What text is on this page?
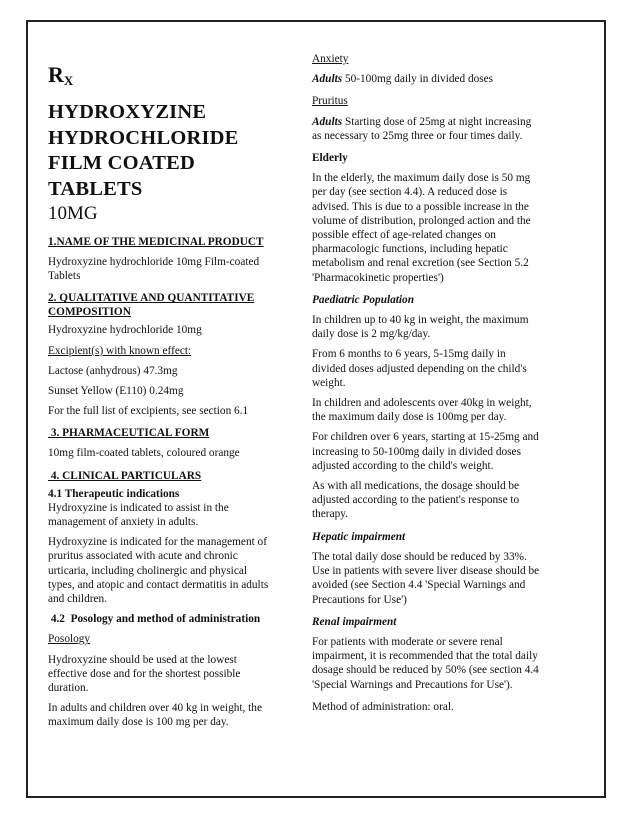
$R_X$
HYDROXYZINE
HYDROCHLORIDE
FILM COATED
TABLETS
10MG

1.NAME OF THE MEDICINAL PRODUCT

Hydroxyzine hydrochloride 10mg Film-coated Tablets

2. QUALITATIVE AND QUANTITATIVE COMPOSITION

Hydroxyzine hydrochloride 10mg

Excipient(s) with known effect:

Lactose (anhydrous) 47.3mg

Sunset Yellow (E110) 0.24mg

For the full list of excipients, see section 6.1

3. PHARMACEUTICAL FORM

10mg film-coated tablets, coloured orange

4. CLINICAL PARTICULARS

4.1 Therapeutic indications

Hydroxyzine is indicated to assist in the management of anxiety in adults.

Hydroxyzine is indicated for the management of pruritus associated with acute and chronic urticaria, including cholinergic and physical types, and atopic and contact dermatitis in adults and children.

4.2  Posology and method of administration

Posology

Hydroxyzine should be used at the lowest effective dose and for the shortest possible duration.

In adults and children over 40 kg in weight, the maximum daily dose is 100 mg per day.

Anxiety

Adults 50-100mg daily in divided doses

Pruritus

Adults Starting dose of 25mg at night increasing as necessary to 25mg three or four times daily.

Elderly

In the elderly, the maximum daily dose is 50 mg per day (see section 4.4). A reduced dose is advised. This is due to a possible increase in the volume of distribution, prolonged action and the possible effect of age-related changes on pharmacologic functions, including hepatic metabolism and renal excretion (see Section 5.2 'Pharmacokinetic properties')

Paediatric Population

In children up to 40 kg in weight, the maximum daily dose is 2 mg/kg/day.

From 6 months to 6 years, 5-15mg daily in divided doses adjusted depending on the child's weight.

In children and adolescents over 40kg in weight, the maximum daily dose is 100mg per day.

For children over 6 years, starting at 15-25mg and increasing to 50-100mg daily in divided doses adjusted according to the child's weight.

As with all medications, the dosage should be adjusted according to the patient's response to therapy.

Hepatic impairment

The total daily dose should be reduced by 33%. Use in patients with severe liver disease should be avoided (see Section 4.4 'Special Warnings and Precautions for Use')

Renal impairment

For patients with moderate or severe renal impairment, it is recommended that the total daily dosage should be reduced by 50% (see section 4.4 'Special Warnings and Precautions for Use').

Method of administration: oral.
